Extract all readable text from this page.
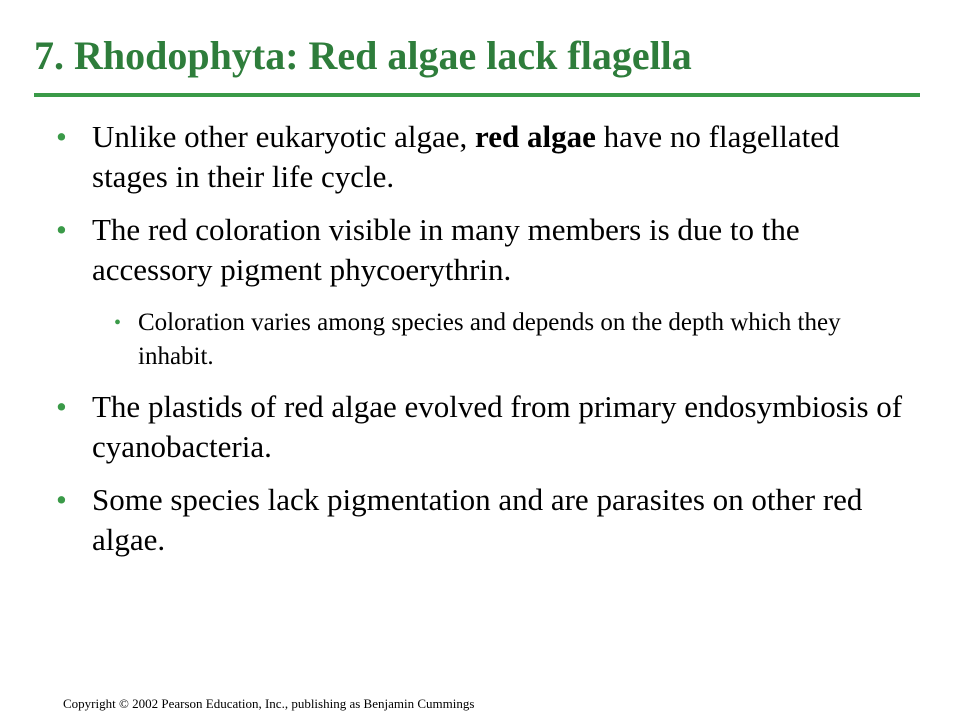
7. Rhodophyta: Red algae lack flagella
• Unlike other eukaryotic algae, red algae have no flagellated stages in their life cycle.
• The red coloration visible in many members is due to the accessory pigment phycoerythrin.
• Coloration varies among species and depends on the depth which they inhabit.
• The plastids of red algae evolved from primary endosymbiosis of cyanobacteria.
• Some species lack pigmentation and are parasites on other red algae.
Copyright © 2002 Pearson Education, Inc., publishing as Benjamin Cummings
